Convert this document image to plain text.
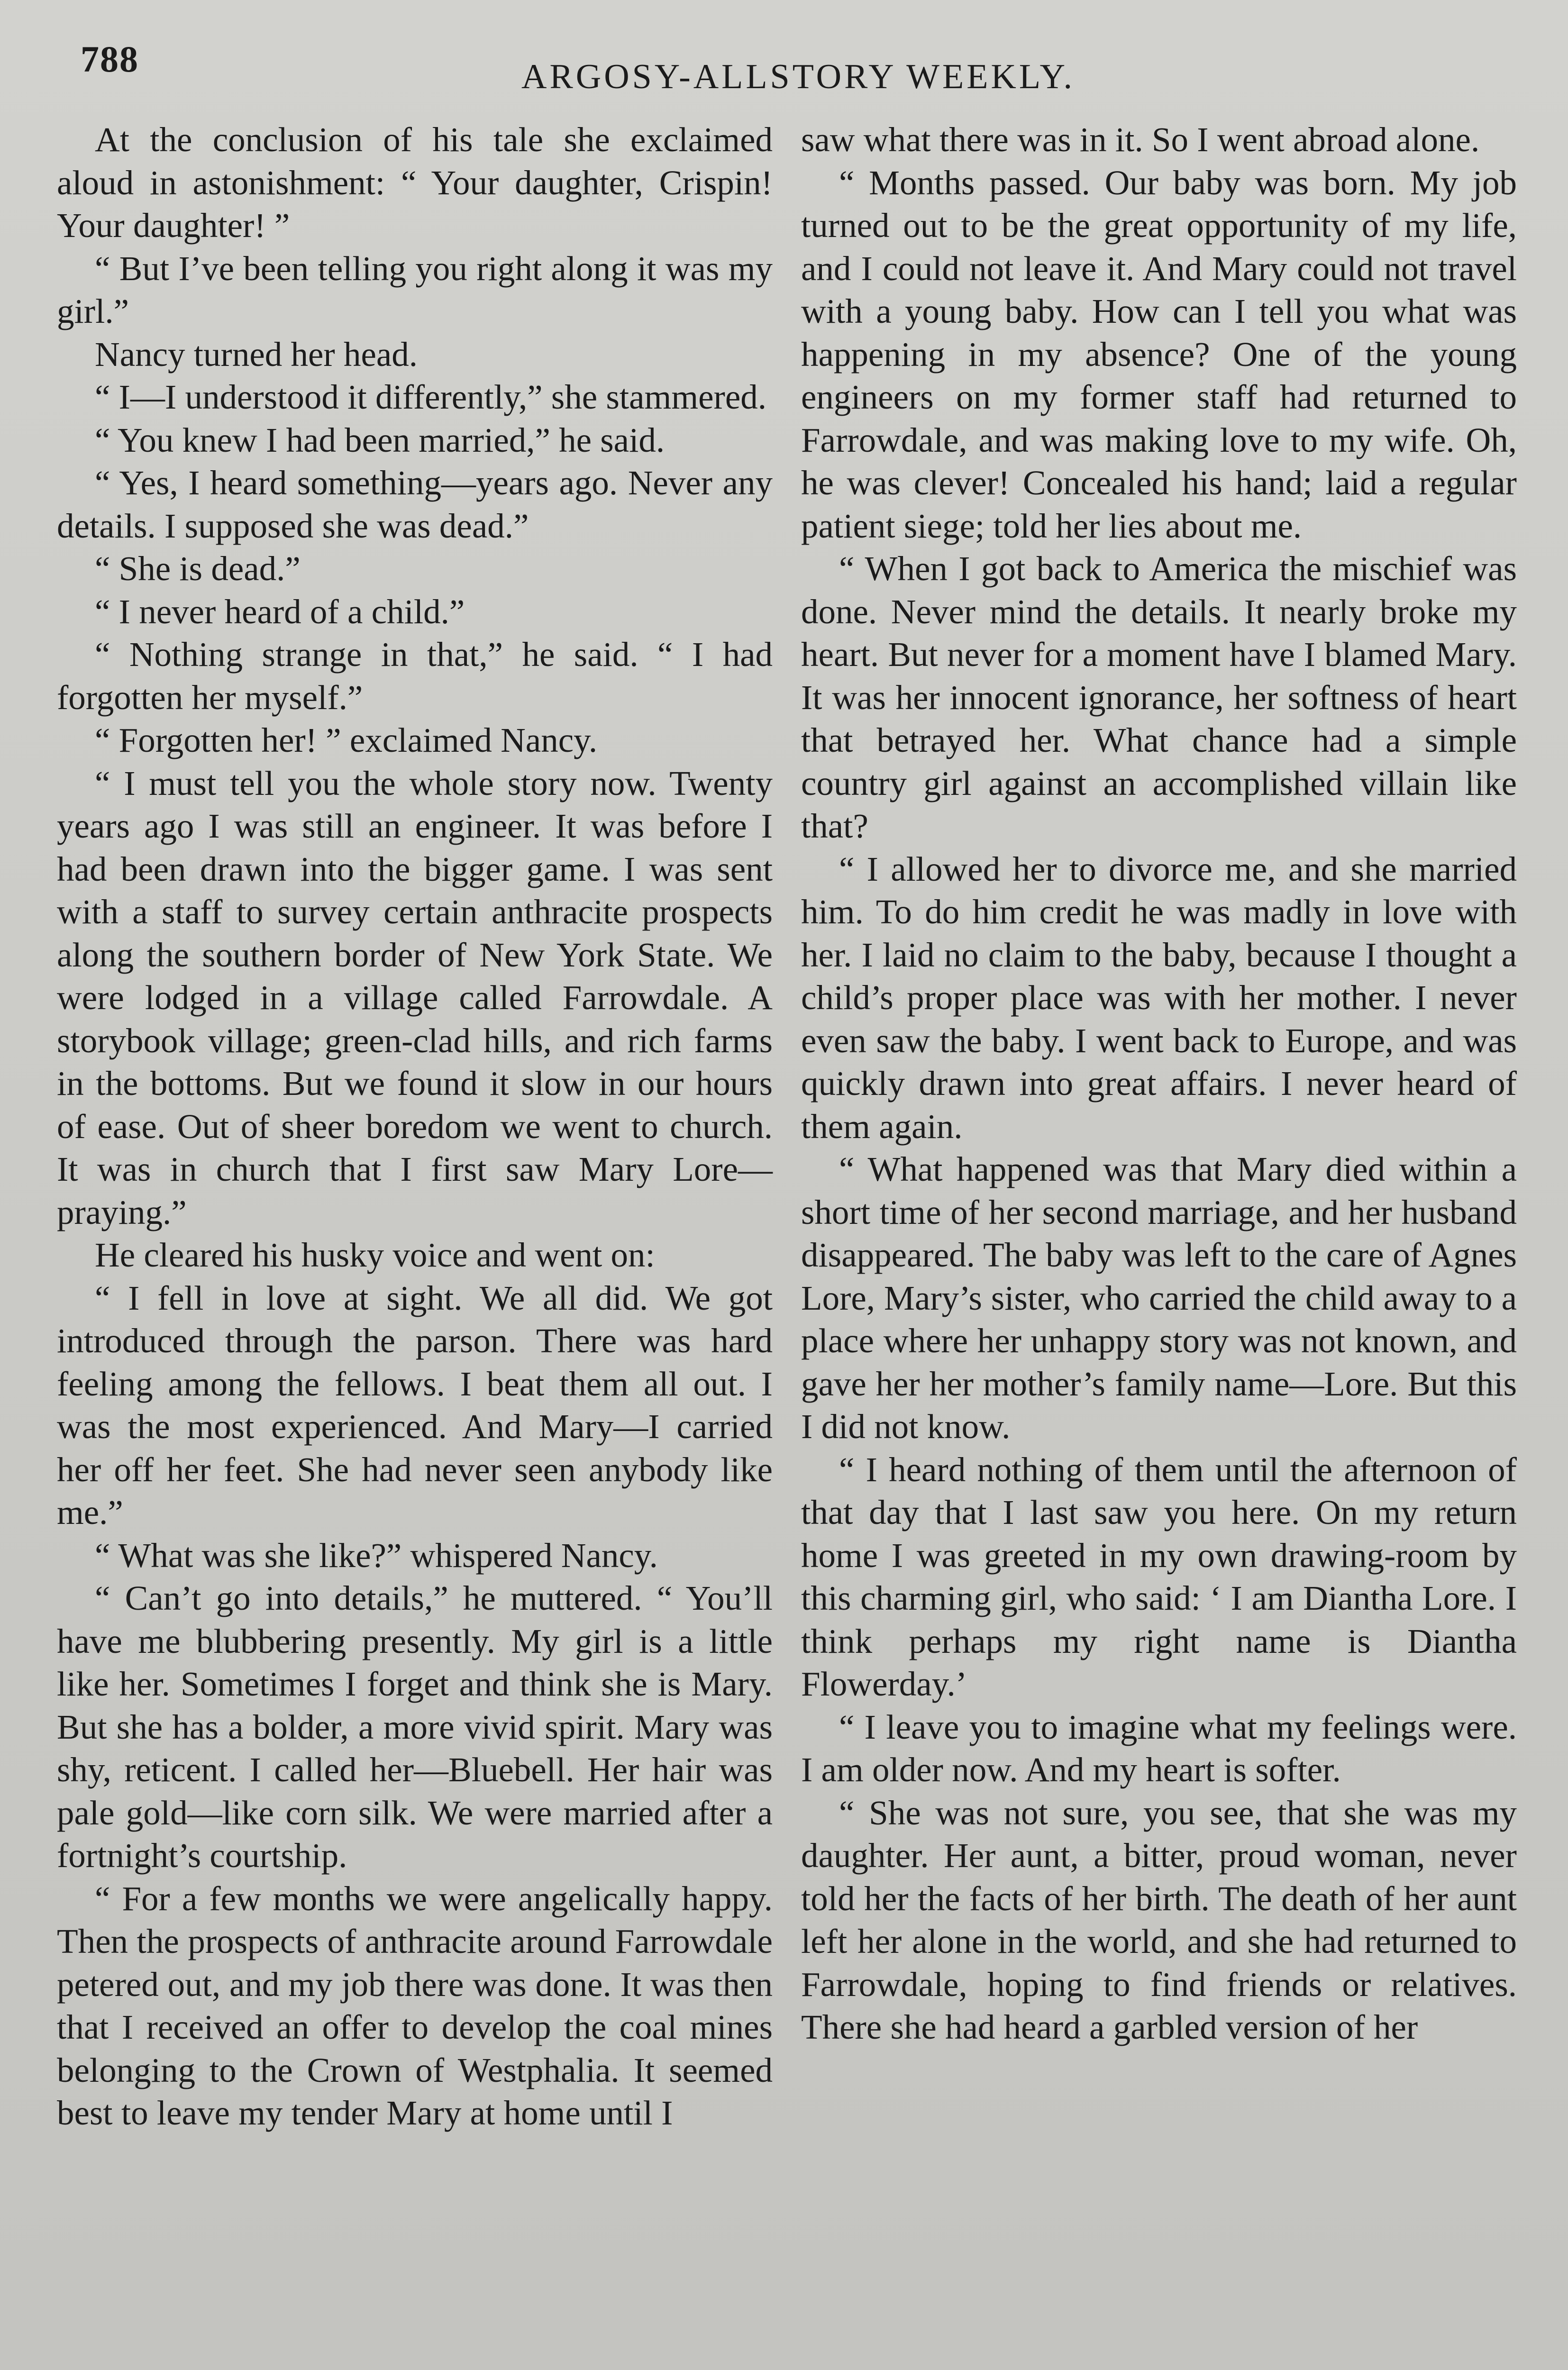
788	ARGOSY-ALLSTORY WEEKLY.

At the conclusion of his tale she exclaimed aloud in astonishment: “ Your daughter, Crispin! Your daughter! ”

“ But I’ve been telling you right along it was my girl.”

Nancy turned her head.

“ I—I understood it differently,” she stammered.

“ You knew I had been married,” he said.

“ Yes, I heard something—years ago. Never any details. I supposed she was dead.”

“ She is dead.”

“ I never heard of a child.”

“ Nothing strange in that,” he said. “ I had forgotten her myself.”

“ Forgotten her! ” exclaimed Nancy.

“ I must tell you the whole story now. Twenty years ago I was still an engineer. It was before I had been drawn into the bigger game. I was sent with a staff to survey certain anthracite prospects along the southern border of New York State. We were lodged in a village called Farrowdale. A storybook village; green-clad hills, and rich farms in the bottoms. But we found it slow in our hours of ease. Out of sheer boredom we went to church. It was in church that I first saw Mary Lore—praying.”

He cleared his husky voice and went on:

“ I fell in love at sight. We all did. We got introduced through the parson. There was hard feeling among the fellows. I beat them all out. I was the most experienced. And Mary—I carried her off her feet. She had never seen anybody like me.”

“ What was she like?” whispered Nancy.

“ Can’t go into details,” he muttered. “ You’ll have me blubbering presently. My girl is a little like her. Sometimes I forget and think she is Mary. But she has a bolder, a more vivid spirit. Mary was shy, reticent. I called her—Bluebell. Her hair was pale gold—like corn silk. We were married after a fortnight’s courtship.

“ For a few months we were angelically happy. Then the prospects of anthracite around Farrowdale petered out, and my job there was done. It was then that I received an offer to develop the coal mines belonging to the Crown of Westphalia. It seemed best to leave my tender Mary at home until I

saw what there was in it. So I went abroad alone.

“ Months passed. Our baby was born. My job turned out to be the great opportunity of my life, and I could not leave it. And Mary could not travel with a young baby. How can I tell you what was happening in my absence? One of the young engineers on my former staff had returned to Farrowdale, and was making love to my wife. Oh, he was clever! Concealed his hand; laid a regular patient siege; told her lies about me.

“ When I got back to America the mischief was done. Never mind the details. It nearly broke my heart. But never for a moment have I blamed Mary. It was her innocent ignorance, her softness of heart that betrayed her. What chance had a simple country girl against an accomplished villain like that?

“ I allowed her to divorce me, and she married him. To do him credit he was madly in love with her. I laid no claim to the baby, because I thought a child’s proper place was with her mother. I never even saw the baby. I went back to Europe, and was quickly drawn into great affairs. I never heard of them again.

“ What happened was that Mary died within a short time of her second marriage, and her husband disappeared. The baby was left to the care of Agnes Lore, Mary’s sister, who carried the child away to a place where her unhappy story was not known, and gave her her mother’s family name—Lore. But this I did not know.

“ I heard nothing of them until the afternoon of that day that I last saw you here. On my return home I was greeted in my own drawing-room by this charming girl, who said: ‘ I am Diantha Lore. I think perhaps my right name is Diantha Flowerday.’

“ I leave you to imagine what my feelings were. I am older now. And my heart is softer.

“ She was not sure, you see, that she was my daughter. Her aunt, a bitter, proud woman, never told her the facts of her birth. The death of her aunt left her alone in the world, and she had returned to Farrowdale, hoping to find friends or relatives. There she had heard a garbled version of her
